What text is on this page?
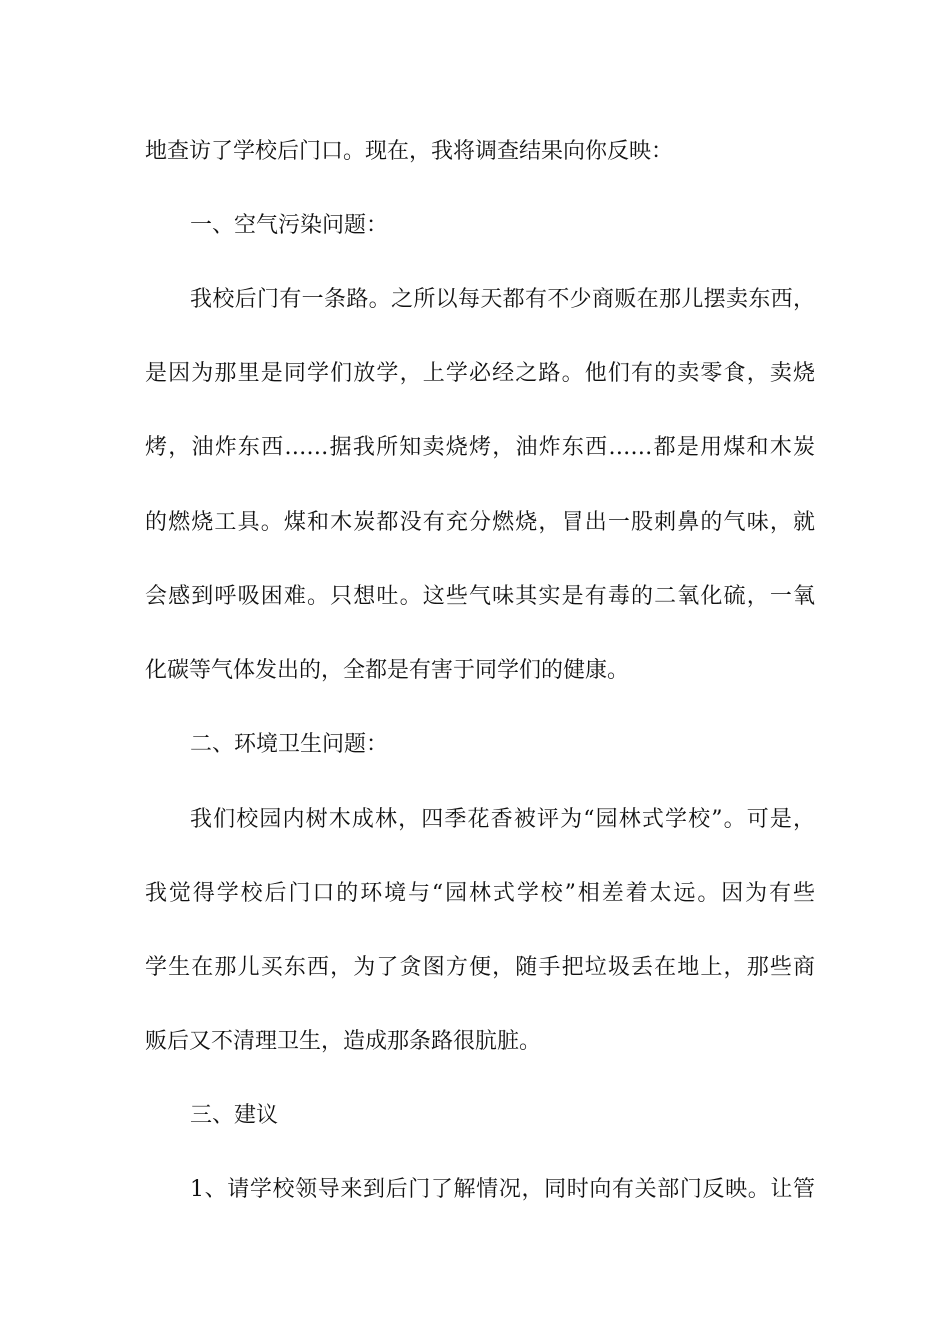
地查访了学校后门口。现在，我将调查结果向你反映：
一、空气污染问题：
我校后门有一条路。之所以每天都有不少商贩在那儿摆卖东西，
是因为那里是同学们放学，上学必经之路。他们有的卖零食，卖烧
烤，油炸东西……据我所知卖烧烤，油炸东西……都是用煤和木炭
的燃烧工具。煤和木炭都没有充分燃烧，冒出一股刺鼻的气味，就
会感到呼吸困难。只想吐。这些气味其实是有毒的二氧化硫，一氧
化碳等气体发出的，全都是有害于同学们的健康。
二、环境卫生问题：
我们校园内树木成林，四季花香被评为“园林式学校”。可是，
我觉得学校后门口的环境与“园林式学校”相差着太远。因为有些
学生在那儿买东西，为了贪图方便，随手把垃圾丢在地上，那些商
贩后又不清理卫生，造成那条路很肮脏。
三、建议
1、请学校领导来到后门了解情况，同时向有关部门反映。让管
